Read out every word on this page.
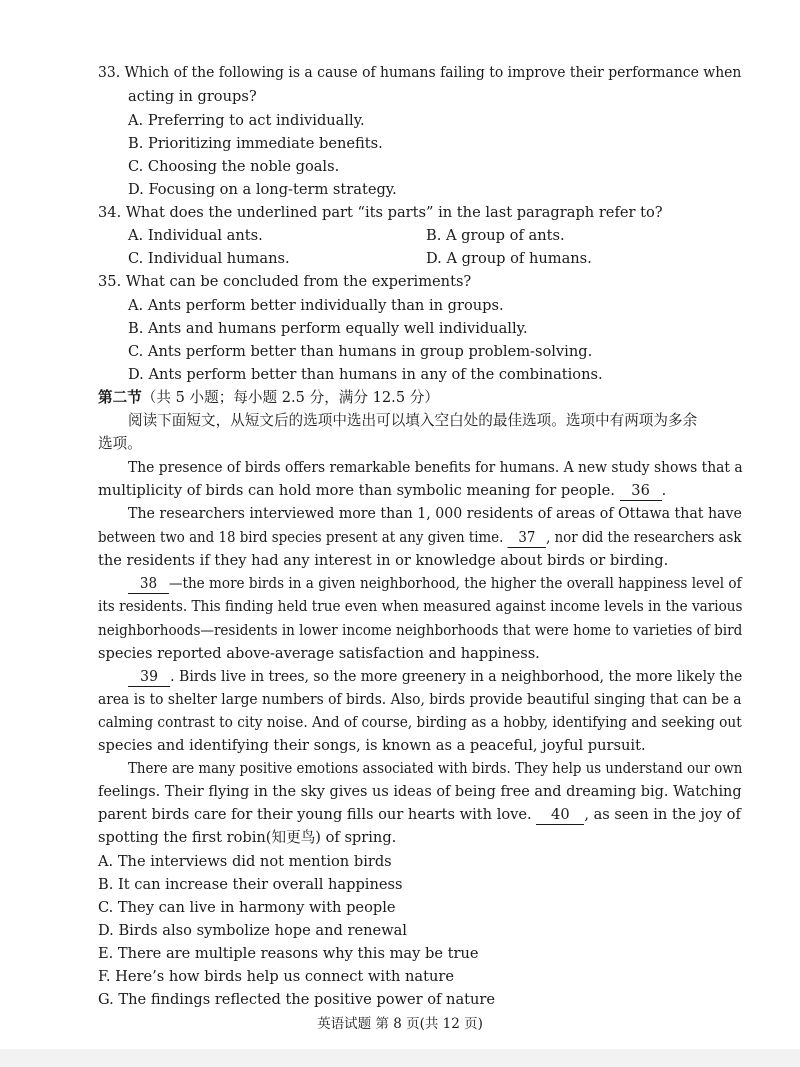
33. Which of the following is a cause of humans failing to improve their performance when
acting in groups?
A. Preferring to act individually.
B. Prioritizing immediate benefits.
C. Choosing the noble goals.
D. Focusing on a long-term strategy.
34. What does the underlined part “its parts” in the last paragraph refer to?
A. Individual ants.	B. A group of ants.
C. Individual humans.	D. A group of humans.
35. What can be concluded from the experiments?
A. Ants perform better individually than in groups.
B. Ants and humans perform equally well individually.
C. Ants perform better than humans in group problem-solving.
D. Ants perform better than humans in any of the combinations.
第二节（共 5 小题；每小题 2.5 分，满分 12.5 分）
阅读下面短文，从短文后的选项中选出可以填入空白处的最佳选项。选项中有两项为多余
选项。
The presence of birds offers remarkable benefits for humans. A new study shows that a
multiplicity of birds can hold more than symbolic meaning for people. 36 .
The researchers interviewed more than 1, 000 residents of areas of Ottawa that have
between two and 18 bird species present at any given time. 37 , nor did the researchers ask
the residents if they had any interest in or knowledge about birds or birding.
38 —the more birds in a given neighborhood, the higher the overall happiness level of
its residents. This finding held true even when measured against income levels in the various
neighborhoods—residents in lower income neighborhoods that were home to varieties of bird
species reported above-average satisfaction and happiness.
39 . Birds live in trees, so the more greenery in a neighborhood, the more likely the
area is to shelter large numbers of birds. Also, birds provide beautiful singing that can be a
calming contrast to city noise. And of course, birding as a hobby, identifying and seeking out
species and identifying their songs, is known as a peaceful, joyful pursuit.
There are many positive emotions associated with birds. They help us understand our own
feelings. Their flying in the sky gives us ideas of being free and dreaming big. Watching
parent birds care for their young fills our hearts with love. 40 , as seen in the joy of
spotting the first robin(知更鸟) of spring.
A. The interviews did not mention birds
B. It can increase their overall happiness
C. They can live in harmony with people
D. Birds also symbolize hope and renewal
E. There are multiple reasons why this may be true
F. Here’s how birds help us connect with nature
G. The findings reflected the positive power of nature
英语试题 第 8 页(共 12 页)
